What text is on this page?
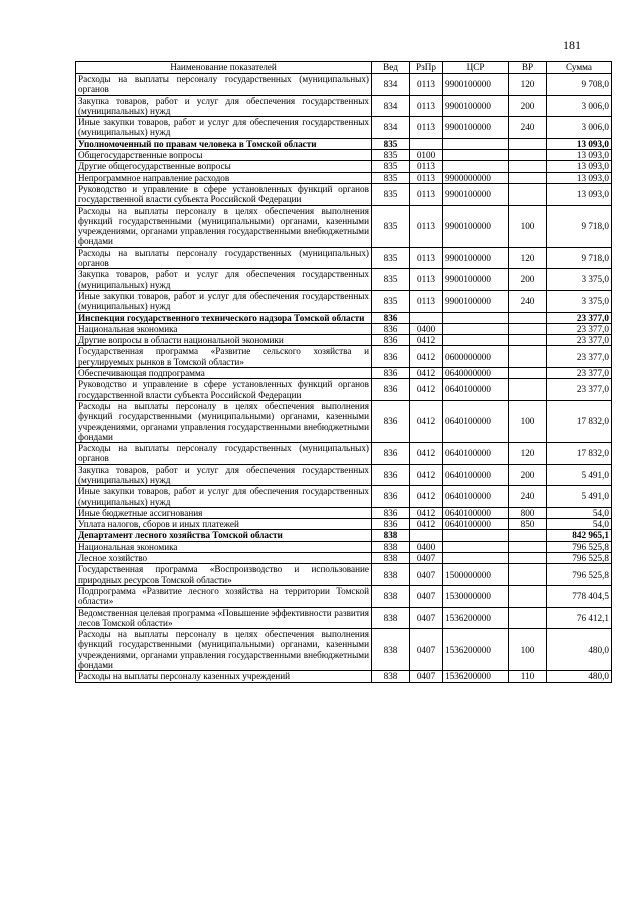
181
Наименование показателей	Вед	РзПр	ЦСР	ВР	Сумма
Расходы на выплаты персоналу государственных (муниципальных) органов	834	0113	9900100000	120	9 708,0
Закупка товаров, работ и услуг для обеспечения государственных (муниципальных) нужд	834	0113	9900100000	200	3 006,0
Иные закупки товаров, работ и услуг для обеспечения государственных (муниципальных) нужд	834	0113	9900100000	240	3 006,0
Уполномоченный по правам человека в Томской области	835				13 093,0
Общегосударственные вопросы	835	0100			13 093,0
Другие общегосударственные вопросы	835	0113			13 093,0
Непрограммное направление расходов	835	0113	9900000000		13 093,0
Руководство и управление в сфере установленных функций органов государственной власти субъекта Российской Федерации	835	0113	9900100000		13 093,0
Расходы на выплаты персоналу в целях обеспечения выполнения функций государственными (муниципальными) органами, казенными учреждениями, органами управления государственными внебюджетными фондами	835	0113	9900100000	100	9 718,0
Расходы на выплаты персоналу государственных (муниципальных) органов	835	0113	9900100000	120	9 718,0
Закупка товаров, работ и услуг для обеспечения государственных (муниципальных) нужд	835	0113	9900100000	200	3 375,0
Иные закупки товаров, работ и услуг для обеспечения государственных (муниципальных) нужд	835	0113	9900100000	240	3 375,0
Инспекция государственного технического надзора Томской области	836				23 377,0
Национальная экономика	836	0400			23 377,0
Другие вопросы в области национальной экономики	836	0412			23 377,0
Государственная программа «Развитие сельского хозяйства и регулируемых рынков в Томской области»	836	0412	0600000000		23 377,0
Обеспечивающая подпрограмма	836	0412	0640000000		23 377,0
Руководство и управление в сфере установленных функций органов государственной власти субъекта Российской Федерации	836	0412	0640100000		23 377,0
Расходы на выплаты персоналу в целях обеспечения выполнения функций государственными (муниципальными) органами, казенными учреждениями, органами управления государственными внебюджетными фондами	836	0412	0640100000	100	17 832,0
Расходы на выплаты персоналу государственных (муниципальных) органов	836	0412	0640100000	120	17 832,0
Закупка товаров, работ и услуг для обеспечения государственных (муниципальных) нужд	836	0412	0640100000	200	5 491,0
Иные закупки товаров, работ и услуг для обеспечения государственных (муниципальных) нужд	836	0412	0640100000	240	5 491,0
Иные бюджетные ассигнования	836	0412	0640100000	800	54,0
Уплата налогов, сборов и иных платежей	836	0412	0640100000	850	54,0
Департамент лесного хозяйства Томской области	838				842 965,1
Национальная экономика	838	0400			796 525,8
Лесное хозяйство	838	0407			796 525,8
Государственная программа «Воспроизводство и использование природных ресурсов Томской области»	838	0407	1500000000		796 525,8
Подпрограмма «Развитие лесного хозяйства на территории Томской области»	838	0407	1530000000		778 404,5
Ведомственная целевая программа «Повышение эффективности развития лесов Томской области»	838	0407	1536200000		76 412,1
Расходы на выплаты персоналу в целях обеспечения выполнения функций государственными (муниципальными) органами, казенными учреждениями, органами управления государственными внебюджетными фондами	838	0407	1536200000	100	480,0
Расходы на выплаты персоналу казенных учреждений	838	0407	1536200000	110	480,0
